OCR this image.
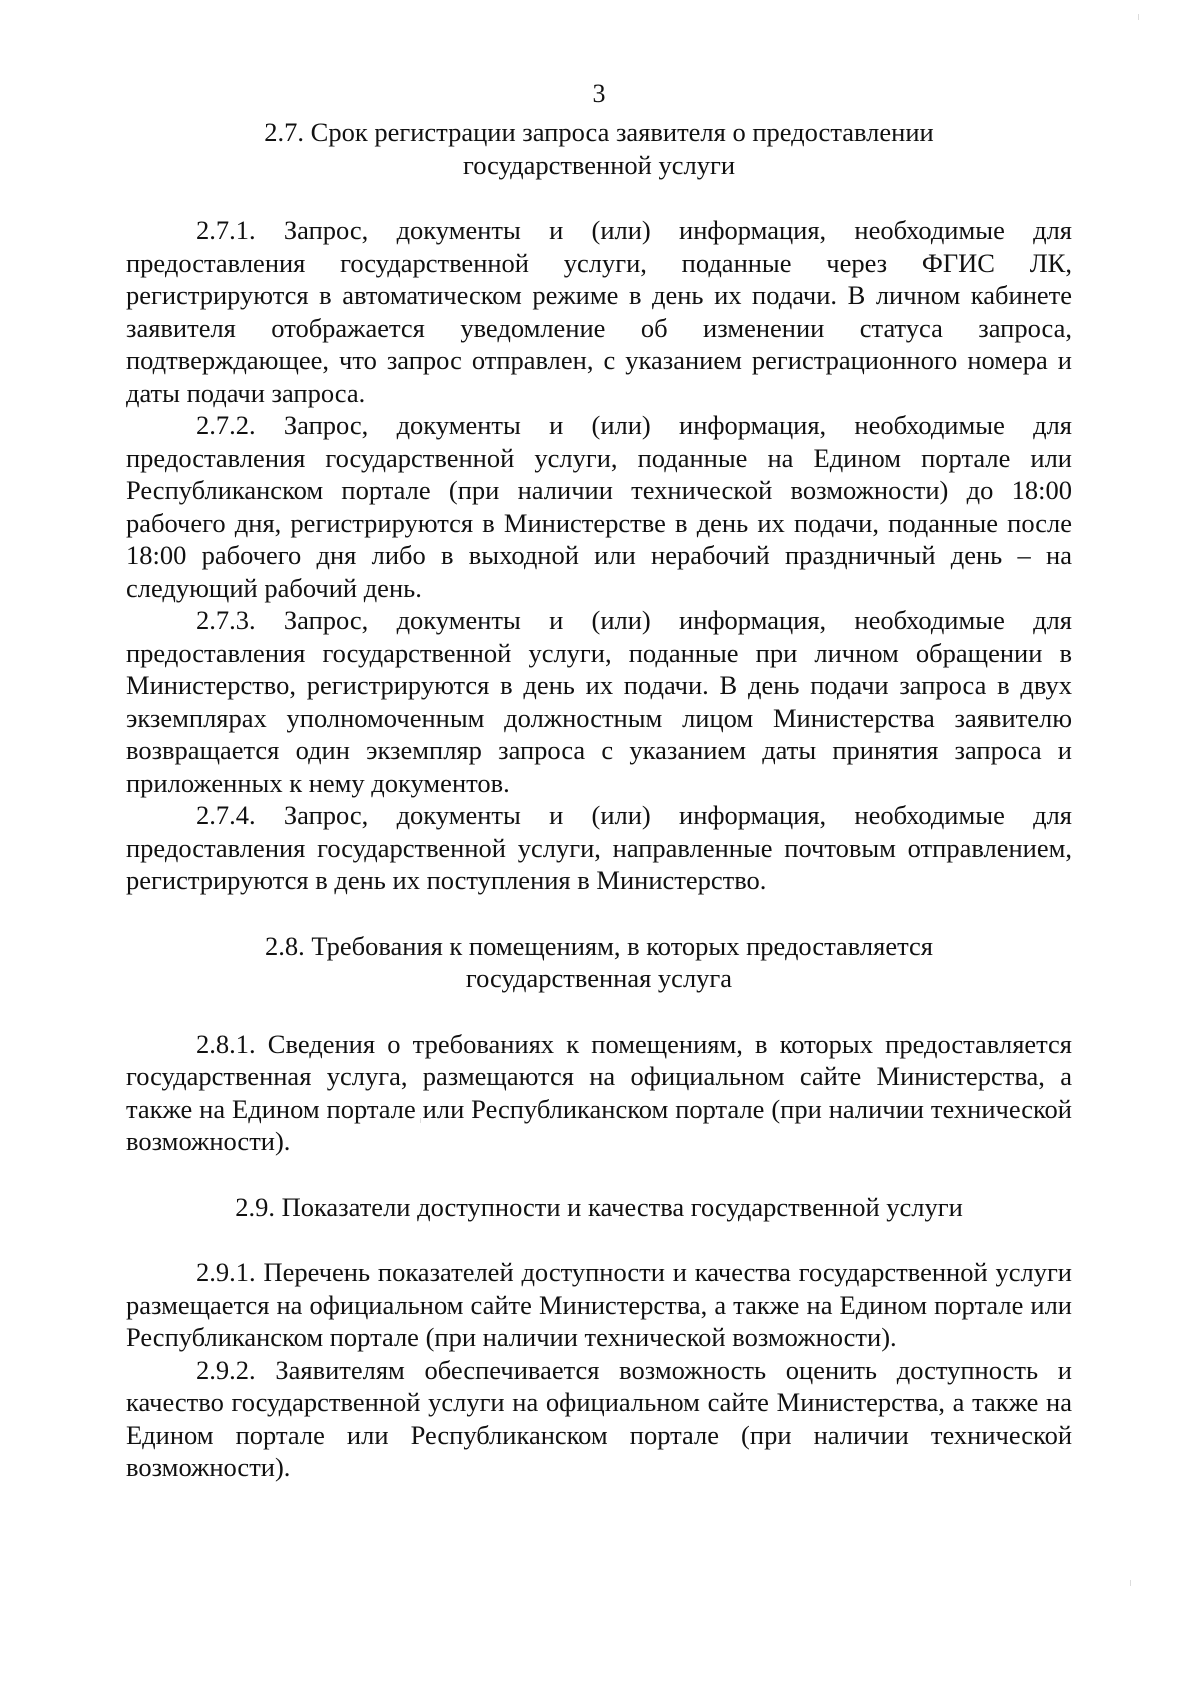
3
2.7. Срок регистрации запроса заявителя о предоставлении
государственной услуги

2.7.1. Запрос, документы и (или) информация, необходимые для предоставления государственной услуги, поданные через ФГИС ЛК, регистрируются в автоматическом режиме в день их подачи. В личном кабинете заявителя отображается уведомление об изменении статуса запроса, подтверждающее, что запрос отправлен, с указанием регистрационного номера и даты подачи запроса.

2.7.2. Запрос, документы и (или) информация, необходимые для предоставления государственной услуги, поданные на Едином портале или Республиканском портале (при наличии технической возможности) до 18:00 рабочего дня, регистрируются в Министерстве в день их подачи, поданные после 18:00 рабочего дня либо в выходной или нерабочий праздничный день – на следующий рабочий день.

2.7.3. Запрос, документы и (или) информация, необходимые для предоставления государственной услуги, поданные при личном обращении в Министерство, регистрируются в день их подачи. В день подачи запроса в двух экземплярах уполномоченным должностным лицом Министерства заявителю возвращается один экземпляр запроса с указанием даты принятия запроса и приложенных к нему документов.

2.7.4. Запрос, документы и (или) информация, необходимые для предоставления государственной услуги, направленные почтовым отправлением, регистрируются в день их поступления в Министерство.

2.8. Требования к помещениям, в которых предоставляется
государственная услуга

2.8.1. Сведения о требованиях к помещениям, в которых предоставляется государственная услуга, размещаются на официальном сайте Министерства, а также на Едином портале или Республиканском портале (при наличии технической возможности).

2.9. Показатели доступности и качества государственной услуги

2.9.1. Перечень показателей доступности и качества государственной услуги размещается на официальном сайте Министерства, а также на Едином портале или Республиканском портале (при наличии технической возможности).

2.9.2. Заявителям обеспечивается возможность оценить доступность и качество государственной услуги на официальном сайте Министерства, а также на Едином портале или Республиканском портале (при наличии технической возможности).
